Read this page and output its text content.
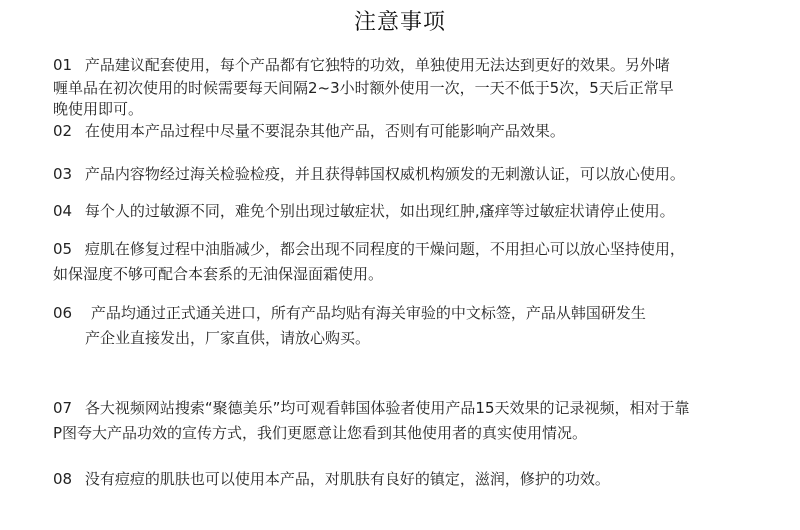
注意事项
01 产品建议配套使用，每个产品都有它独特的功效，单独使用无法达到更好的效果。另外啫
喱单品在初次使用的时候需要每天间隔2~3小时额外使用一次，一天不低于5次，5天后正常早
晚使用即可。
02 在使用本产品过程中尽量不要混杂其他产品，否则有可能影响产品效果。
03 产品内容物经过海关检验检疫，并且获得韩国权威机构颁发的无刺激认证，可以放心使用。
04 每个人的过敏源不同，难免个别出现过敏症状，如出现红肿,瘙痒等过敏症状请停止使用。
05 痘肌在修复过程中油脂减少，都会出现不同程度的干燥问题，不用担心可以放心坚持使用，
如保湿度不够可配合本套系的无油保湿面霜使用。
06 产品均通过正式通关进口，所有产品均贴有海关审验的中文标签，产品从韩国研发生
产企业直接发出，厂家直供，请放心购买。
07 各大视频网站搜索“聚德美乐”均可观看韩国体验者使用产品15天效果的记录视频，相对于靠
P图夸大产品功效的宣传方式，我们更愿意让您看到其他使用者的真实使用情况。
08 没有痘痘的肌肤也可以使用本产品，对肌肤有良好的镇定，滋润，修护的功效。
